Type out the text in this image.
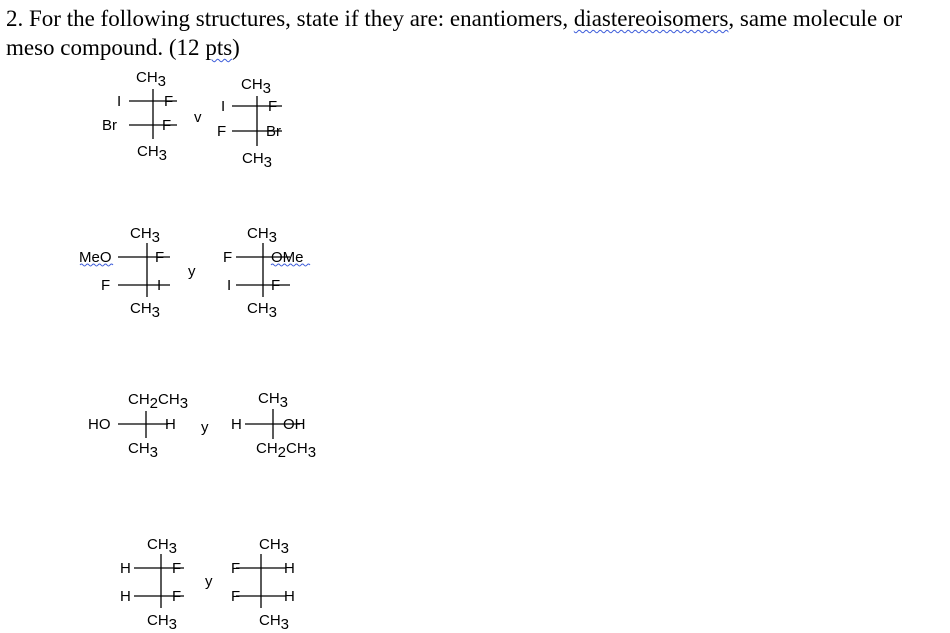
2. For the following structures, state if they are: enantiomers, diastereoisomers, same molecule or meso compound. (12 pts)
CH3
I	F
Br	F
CH3
v
CH3
I	F
F	Br
CH3
CH3
MeO	F
F	I
CH3
y
CH3
F	OMe
I	F
CH3
CH2CH3
HO	H
CH3
y
CH3
H	OH
CH2CH3
CH3
H	F
H	F
CH3
y
CH3
F	H
F	H
CH3
